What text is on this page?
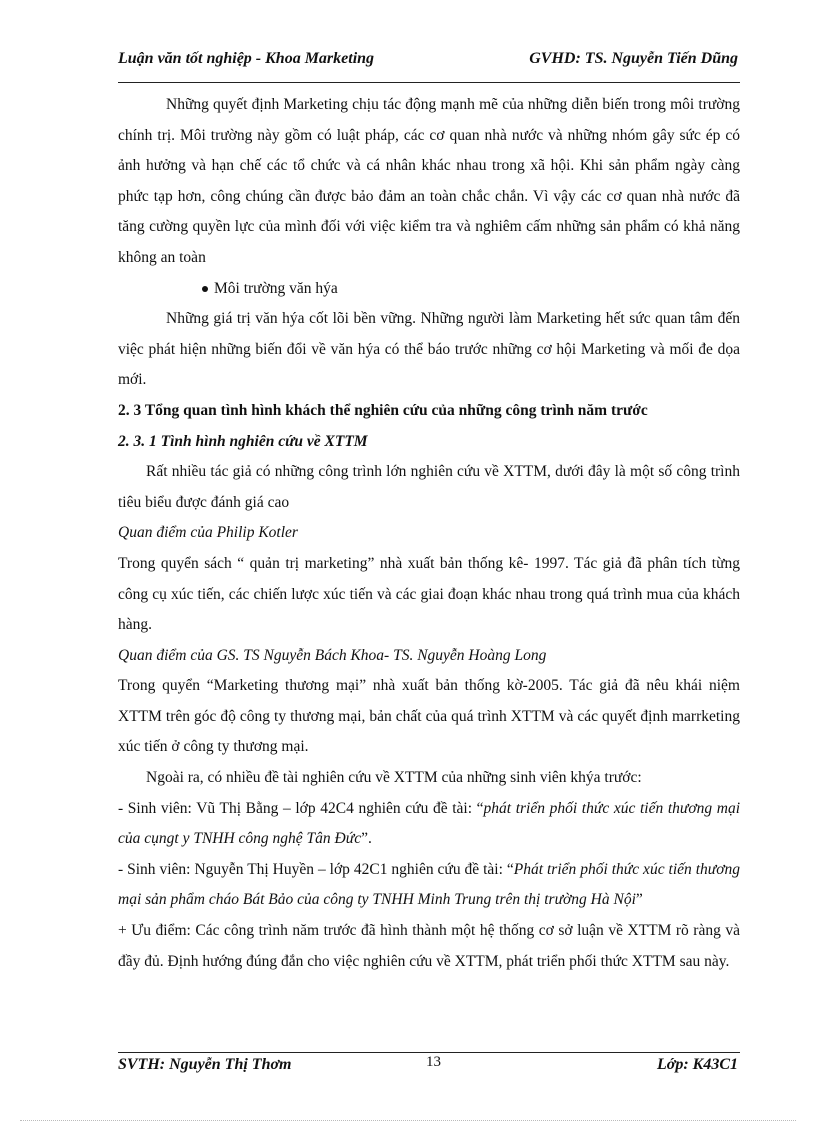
Luận văn tốt nghiệp - Khoa Marketing	GVHD: TS. Nguyễn Tiến Dũng

Những quyết định Marketing chịu tác động mạnh mẽ của những diễn biến trong môi trường chính trị. Môi trường này gồm có luật pháp, các cơ quan nhà nước và những nhóm gây sức ép có ảnh hưởng và hạn chế các tổ chức và cá nhân khác nhau trong xã hội. Khi sản phẩm ngày càng phức tạp hơn, công chúng cần được bảo đảm an toàn chắc chắn. Vì vậy các cơ quan nhà nước đã tăng cường quyền lực của mình đối với việc kiểm tra và nghiêm cấm những sản phẩm có khả năng không an toàn

Môi trường văn hýa

Những giá trị văn hýa cốt lõi bền vững. Những người làm Marketing hết sức quan tâm đến việc phát hiện những biến đổi về văn hýa có thể báo trước những cơ hội Marketing và mối đe dọa mới.

2. 3 Tổng quan tình hình khách thể nghiên cứu của những công trình năm trước

2. 3. 1 Tình hình nghiên cứu về XTTM

Rất nhiều tác giả có những công trình lớn nghiên cứu về XTTM, dưới đây là một số công trình tiêu biểu được đánh giá cao

Quan điểm của Philip Kotler

Trong quyển sách “ quản trị marketing” nhà xuất bản thống kê- 1997. Tác giả đã phân tích từng công cụ xúc tiến, các chiến lược xúc tiến và các giai đoạn khác nhau trong quá trình mua của khách hàng.

Quan điểm của GS. TS Nguyễn Bách Khoa- TS. Nguyễn Hoàng Long

Trong quyển “Marketing thương mại” nhà xuất bản thống kờ-2005. Tác giả đã nêu khái niệm XTTM trên góc độ công ty thương mại, bản chất của quá trình XTTM và các quyết định marrketing xúc tiến ở công ty thương mại.

Ngoài ra, có nhiều đề tài nghiên cứu về XTTM của những sinh viên khýa trước:

- Sinh viên: Vũ Thị Bằng – lớp 42C4 nghiên cứu đề tài: “phát triển phối thức xúc tiến thương mại của cụngt y TNHH công nghệ Tân Đức”.

- Sinh viên: Nguyễn Thị Huyền – lớp 42C1 nghiên cứu đề tài: “Phát triển phối thức xúc tiến thương mại sản phẩm cháo Bát Bảo của công ty TNHH Minh Trung trên thị trường Hà Nội”

+ Ưu điểm: Các công trình năm trước đã hình thành một hệ thống cơ sở luận về XTTM rõ ràng và đầy đủ. Định hướng đúng đắn cho việc nghiên cứu về XTTM, phát triển phối thức XTTM sau này.

SVTH: Nguyễn Thị Thơm	13	Lớp: K43C1
